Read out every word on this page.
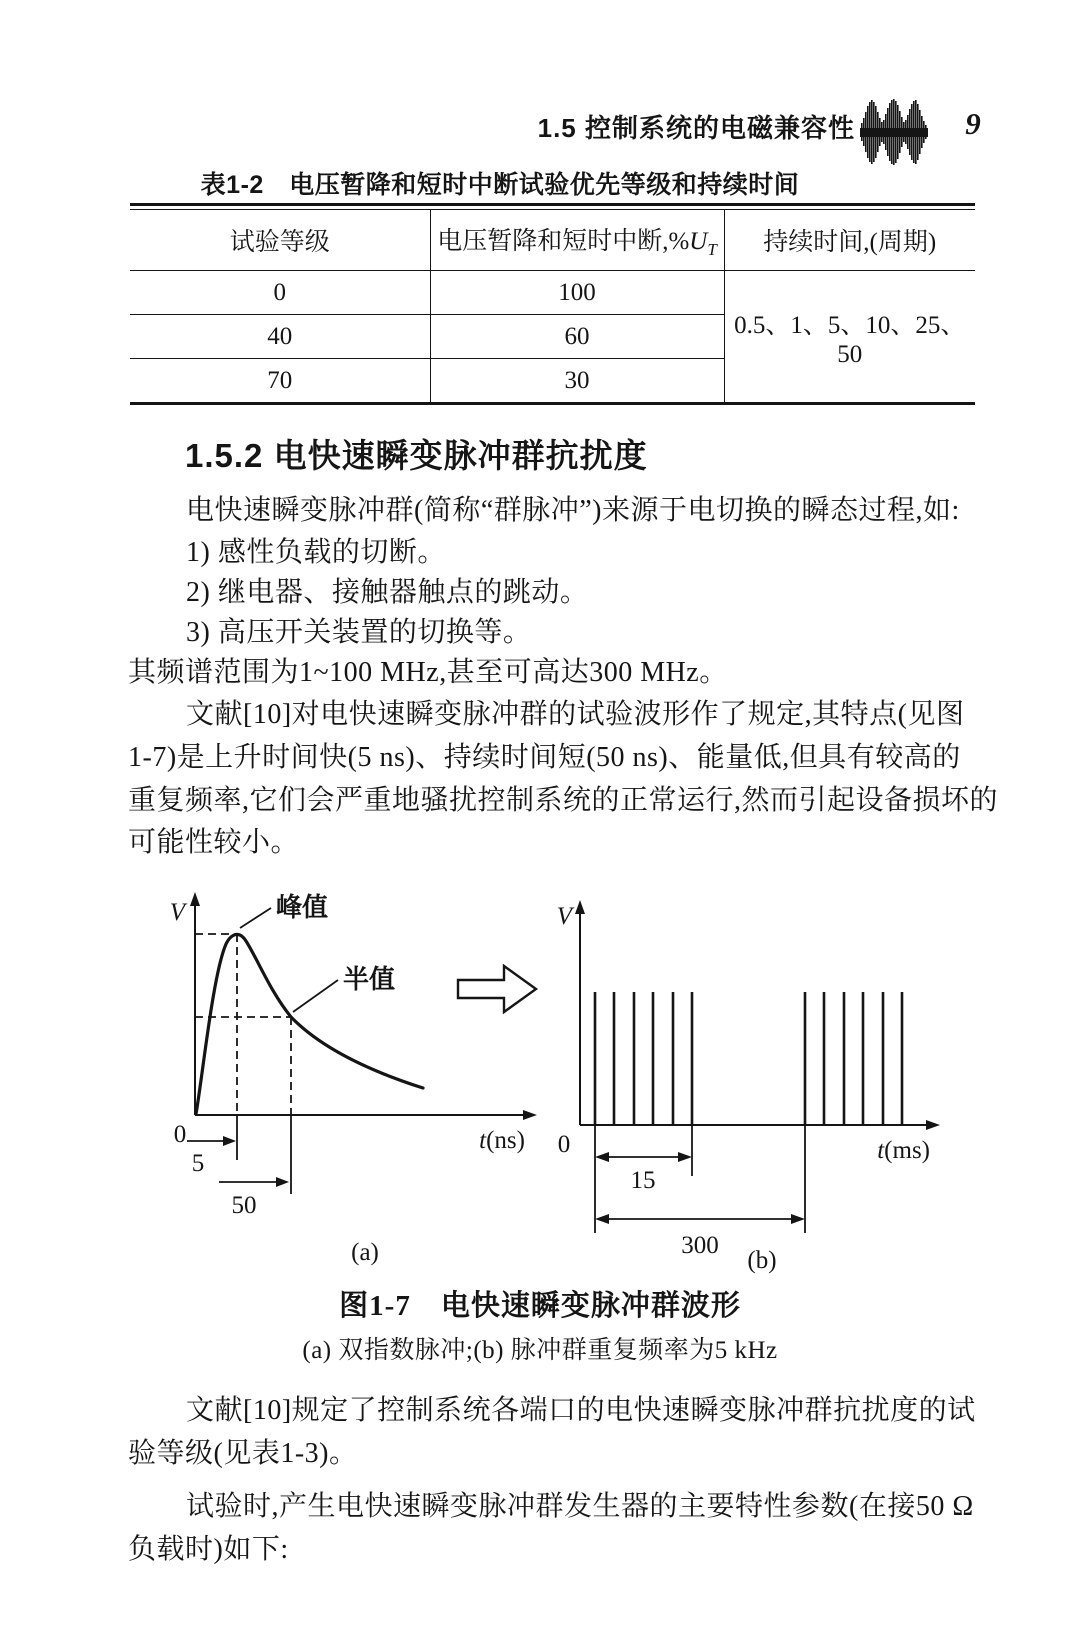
1.5 控制系统的电磁兼容性	9
表1-2　电压暂降和短时中断试验优先等级和持续时间
试验等级	电压暂降和短时中断$,\%U_T$	持续时间,(周期)
0	100	0.5、1、5、10、25、50
40	60	
70	30	
1.5.2 电快速瞬变脉冲群抗扰度
电快速瞬变脉冲群(简称“群脉冲”)来源于电切换的瞬态过程,如:
1) 感性负载的切断。
2) 继电器、接触器触点的跳动。
3) 高压开关装置的切换等。
其频谱范围为1~100 MHz,甚至可高达300 MHz。
文献[10]对电快速瞬变脉冲群的试验波形作了规定,其特点(见图
1-7)是上升时间快(5 ns)、持续时间短(50 ns)、能量低,但具有较高的
重复频率,它们会严重地骚扰控制系统的正常运行,然而引起设备损坏的
可能性较小。
V
t(ns)
0
峰值
半值
5
50
(a)
V
t(ms)
0
15
300
(b)
图1-7　电快速瞬变脉冲群波形
(a) 双指数脉冲;(b) 脉冲群重复频率为5 kHz
文献[10]规定了控制系统各端口的电快速瞬变脉冲群抗扰度的试
验等级(见表1-3)。
试验时,产生电快速瞬变脉冲群发生器的主要特性参数(在接50 Ω
负载时)如下:
